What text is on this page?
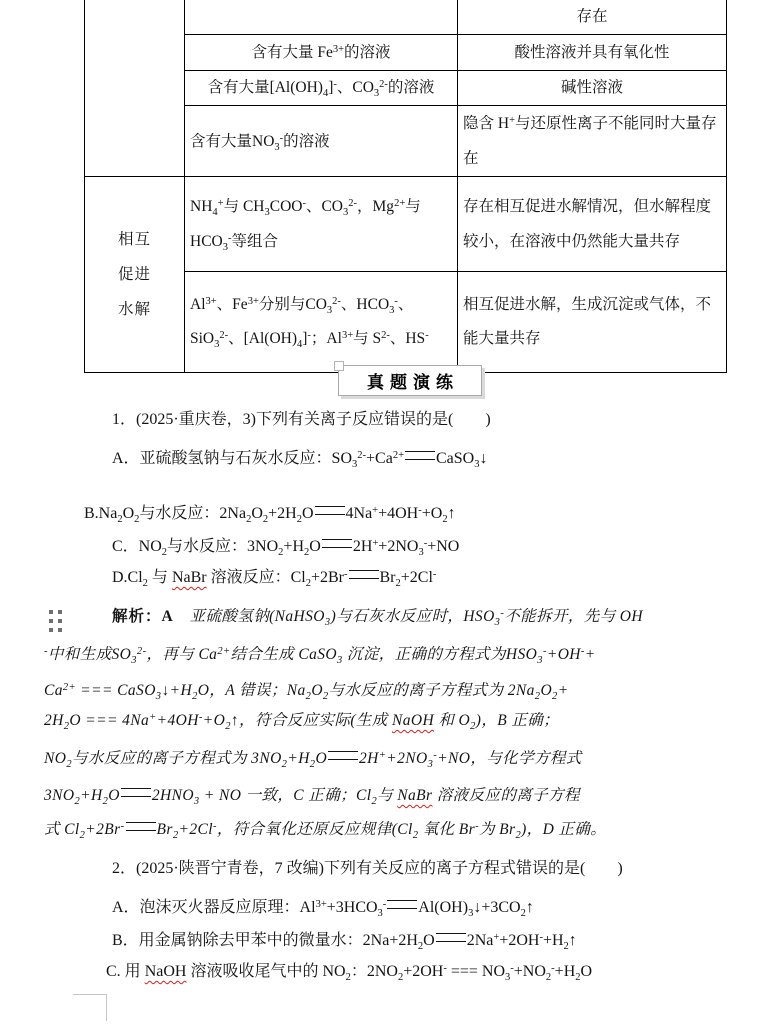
		存在
	含有大量 $Fe^{3+}$的溶液	酸性溶液并具有氧化性
	含有大量$[Al(OH)_4]^-$、$CO_3^{2-}$的溶液	碱性溶液
	含有大量$NO_3^-$的溶液	隐含 H+与还原性离子不能同时大量存在
相互
促进
水解	$NH_4^+$与 $CH_3COO^-$、$CO_3^{2-}$，$Mg^{2+}$与$HCO_3^-$等组合	存在相互促进水解情况，但水解程度较小，在溶液中仍然能大量共存
	$Al^{3+}$、$Fe^{3+}$分别与$CO_3^{2-}$、$HCO_3^-$、SiO$_3^{2-}$、$[Al(OH)_4]^-$；$Al^{3+}$与 $S^{2-}$、HS-	相互促进水解，生成沉淀或气体，不能大量共存
真题演练
1．(2025·重庆卷，3)下列有关离子反应错误的是(　　)
A．亚硫酸氢钠与石灰水反应：$SO_3^{2-}+Ca^{2+}$ CaSO$_3$↓
$B.Na_2O_2$与水反应：$2Na_2O_2+2H_2O$ $4Na^++4OH^-+O_2↑$
C．$NO_2$与水反应：$3NO_2+H_2O$ $2H^++2NO_3^-+NO$
$D.Cl_2$ 与 NaBr 溶液反应：$Cl_2+2Br^-$ $Br_2+2Cl^-$
解析：A　亚硫酸氢钠(NaHSO$_3$)与石灰水反应时，$HSO_3^-$不能拆开，先与 OH
-中和生成$SO_3^{2-}$，再与 $Ca^{2+}$结合生成 CaSO$_3$ 沉淀，正确的方程式为$HSO_3^-+OH^-+$
$Ca^{2+}$ === $CaSO_3↓+H_2O$，A 错误；$Na_2O_2$与水反应的离子方程式为 $2Na_2O_2+$
$2H_2O$ === $4Na^++4OH^-+O_2↑$，符合反应实际(生成 NaOH 和 $O_2$)，B 正确；
$NO_2$与水反应的离子方程式为 $3NO_2+H_2O$ $2H^++2NO_3^-+NO$，与化学方程式
$3NO_2+H_2O$ $2HNO_3$ + NO 一致，C 正确；$Cl_2$与 NaBr 溶液反应的离子方程
式 $Cl_2+2Br^-$ $Br_2+2Cl^-$，符合氧化还原反应规律($Cl_2$ 氧化 Br-为 $Br_2$)，D 正确。
2．(2025·陕晋宁青卷，7 改编)下列有关反应的离子方程式错误的是(　　)
A．泡沫灭火器反应原理：$Al^{3+}+3HCO_3^-$ $Al(OH)_3↓+3CO_2↑$
B．用金属钠除去甲苯中的微量水：$2Na+2H_2O$ $2Na^++2OH^-+H_2↑$
C. 用 NaOH 溶液吸收尾气中的 $NO_2$：$2NO_2+2OH^-$ === $NO_3^-+NO_2^-+H_2O$
